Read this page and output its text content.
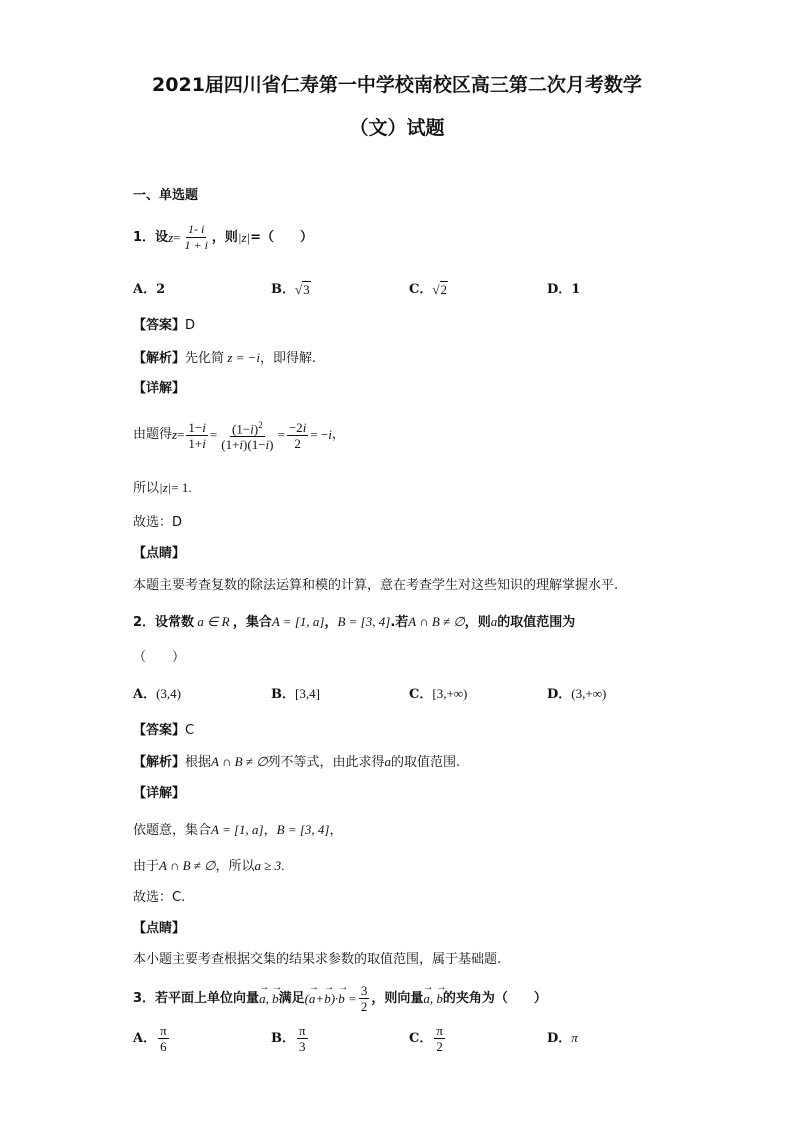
2021届四川省仁寿第一中学校南校区高三第二次月考数学
（文）试题
一、单选题
1． 设 $z = \frac{1- i}{1 + i}$ ，则 |z| =（　　）
A．2	B． √3	C． √2	D．1
【答案】D
【解析】先化简 z = −i，即得解.
【详解】
由题得 $z = \frac{1-i}{1+i} = \frac{(1-i)^2}{(1+i)(1-i)} = \frac{-2i}{2} = -i$ ，
所以|z|= 1.
故选：D
【点睛】
本题主要考查复数的除法运算和模的计算，意在考查学生对这些知识的理解掌握水平.
2．设常数 a ∈ R ，集合A = [1, a]，B = [3, 4].若A ∩ B ≠ ∅，则a的取值范围为
（　　）
A．(3,4)	B．[3,4]	C．[3,+∞)	D．(3,+∞)
【答案】C
【解析】根据A ∩ B ≠ ∅列不等式，由此求得a的取值范围.
【详解】
依题意，集合A = [1, a]，B = [3, 4]，
由于A ∩ B ≠ ∅，所以a ≥ 3.
故选：C.
【点睛】
本小题主要考查根据交集的结果求参数的取值范围，属于基础题.
3． 若平面上单位向量 → a, → b 满足 (→ $a+\to b)\cdot\to b = \frac{3}{2}$ ，则向量 → a, → b 的夹角为（　　）
A． $\frac{\pi}{6}$	B． $\frac{\pi}{3}$	C． $\frac{\pi}{2}$	D．π
